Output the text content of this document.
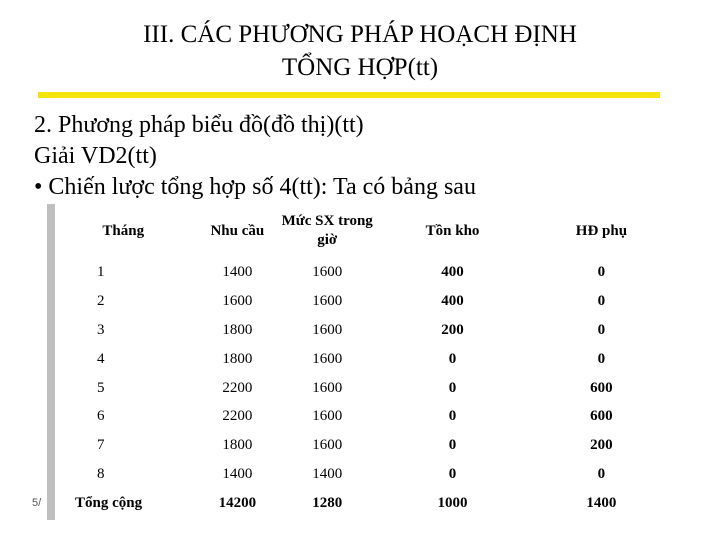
III. CÁC PHƯƠNG PHÁP HOẠCH ĐỊNH
TỔNG HỢP(tt)
2. Phương pháp biểu đồ(đồ thị)(tt)
Giải VD2(tt)
• Chiến lược tổng hợp số 4(tt): Ta có bảng sau
Tháng	Nhu cầu	Mức SX trong giờ	Tồn kho	HĐ phụ
1	1400	1600	400	0
2	1600	1600	400	0
3	1800	1600	200	0
4	1800	1600	0	0
5	2200	1600	0	600
6	2200	1600	0	600
7	1800	1600	0	200
8	1400	1400	0	0
Tổng cộng	14200	1280	1000	1400
5/
